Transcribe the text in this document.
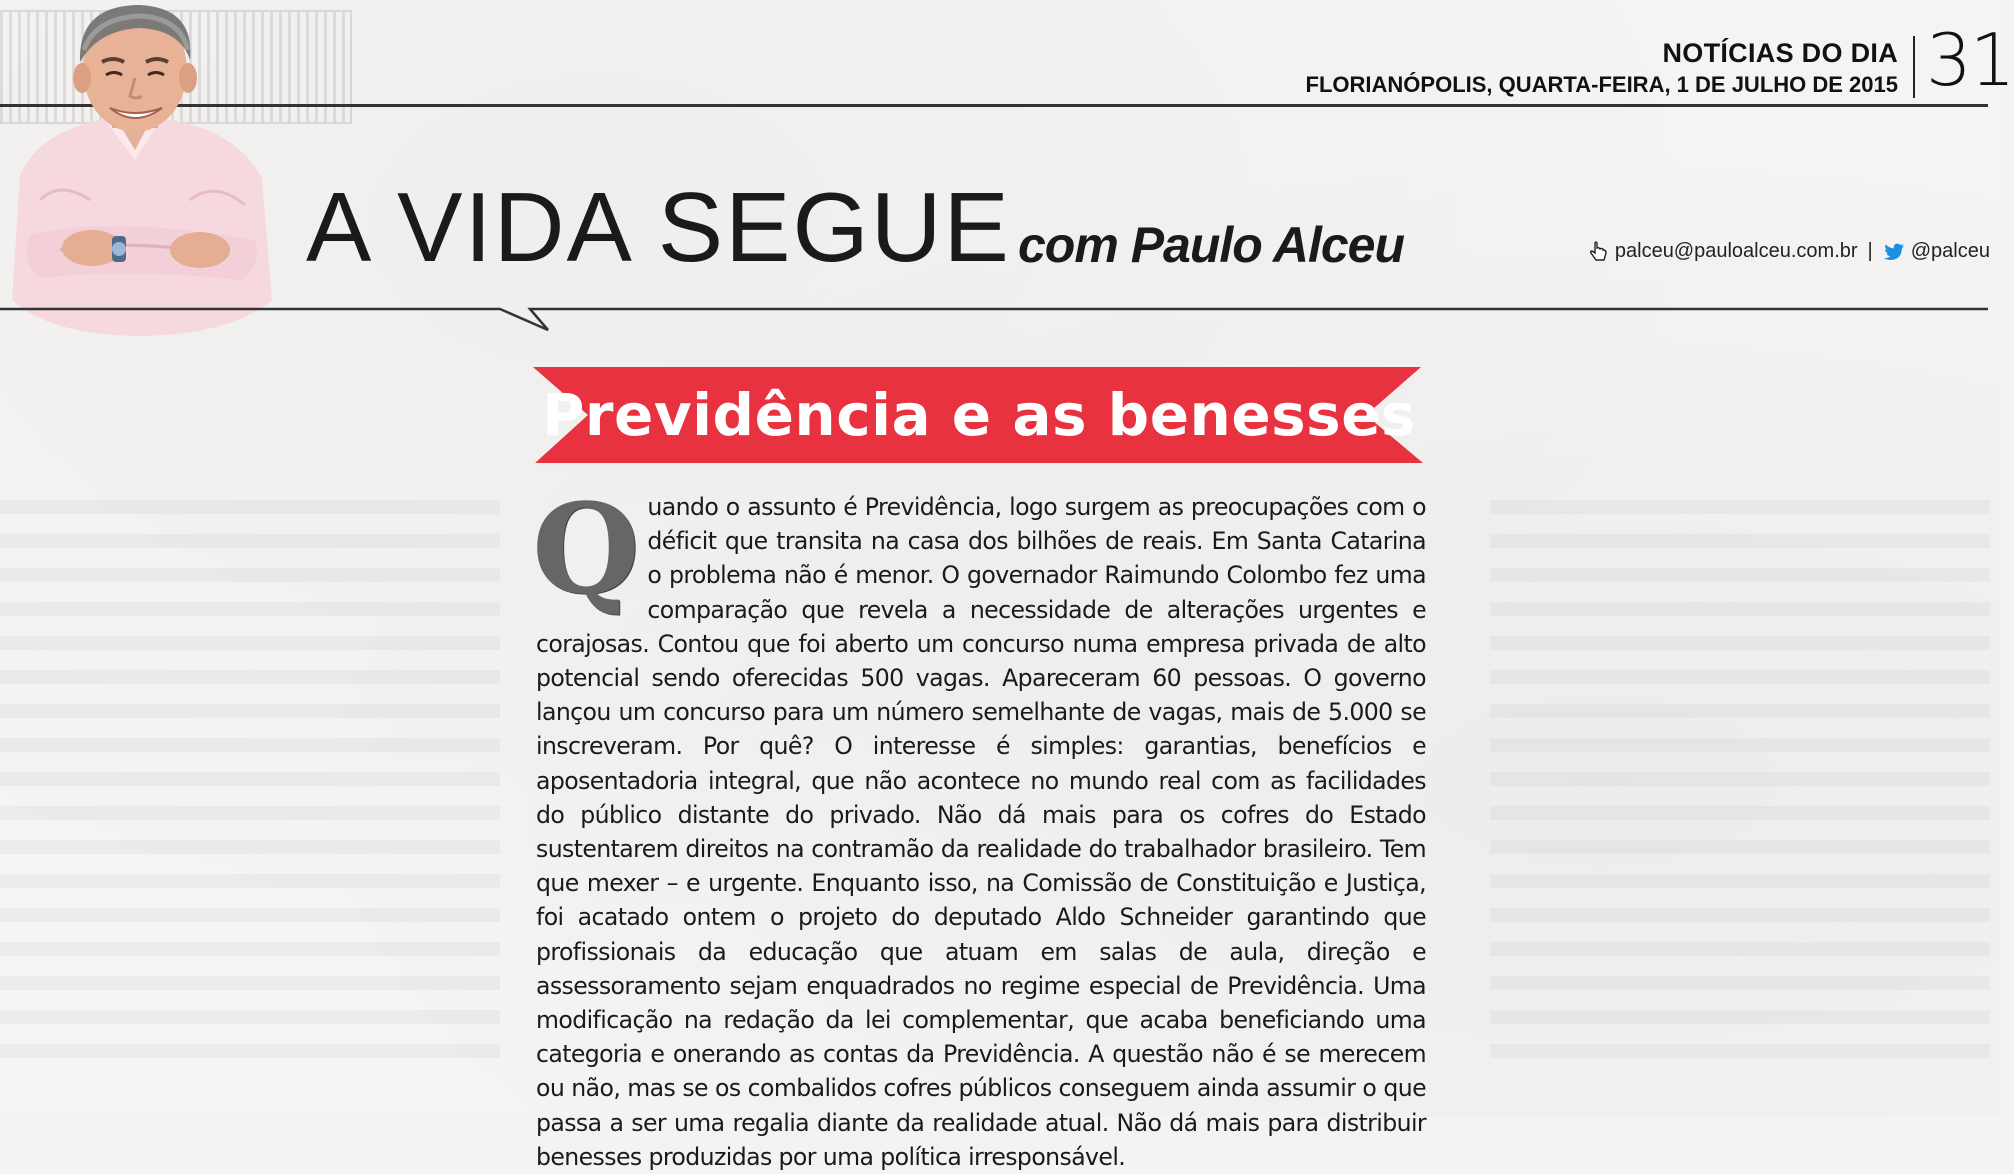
NOTÍCIAS DO DIA
FLORIANÓPOLIS, QUARTA-FEIRA, 1 DE JULHO DE 2015 31
A VIDA SEGUE com Paulo Alceu	palceu@pauloalceu.com.br | @palceu
Previdência e as benesses
Quando o assunto é Previdência, logo surgem as preocupações com o déficit que transita na casa dos bilhões de reais. Em Santa Catarina o problema não é menor. O governador Raimundo Colombo fez uma comparação que revela a necessidade de alterações urgentes e corajosas. Contou que foi aberto um concurso numa empresa privada de alto potencial sendo oferecidas 500 vagas. Apareceram 60 pessoas. O governo lançou um concurso para um número semelhante de vagas, mais de 5.000 se inscreveram. Por quê? O interesse é simples: garantias, benefícios e aposentadoria integral, que não acontece no mundo real com as facilidades do público distante do privado. Não dá mais para os cofres do Estado sustentarem direitos na contramão da realidade do trabalhador brasileiro. Tem que mexer – e urgente. Enquanto isso, na Comissão de Constituição e Justiça, foi acatado ontem o projeto do deputado Aldo Schneider garantindo que profissionais da educação que atuam em salas de aula, direção e assessoramento sejam enquadrados no regime especial de Previdência. Uma modificação na redação da lei complementar, que acaba beneficiando uma categoria e onerando as contas da Previdência. A questão não é se merecem ou não, mas se os combalidos cofres públicos conseguem ainda assumir o que passa a ser uma regalia diante da realidade atual. Não dá mais para distribuir benesses produzidas por uma política irresponsável.
